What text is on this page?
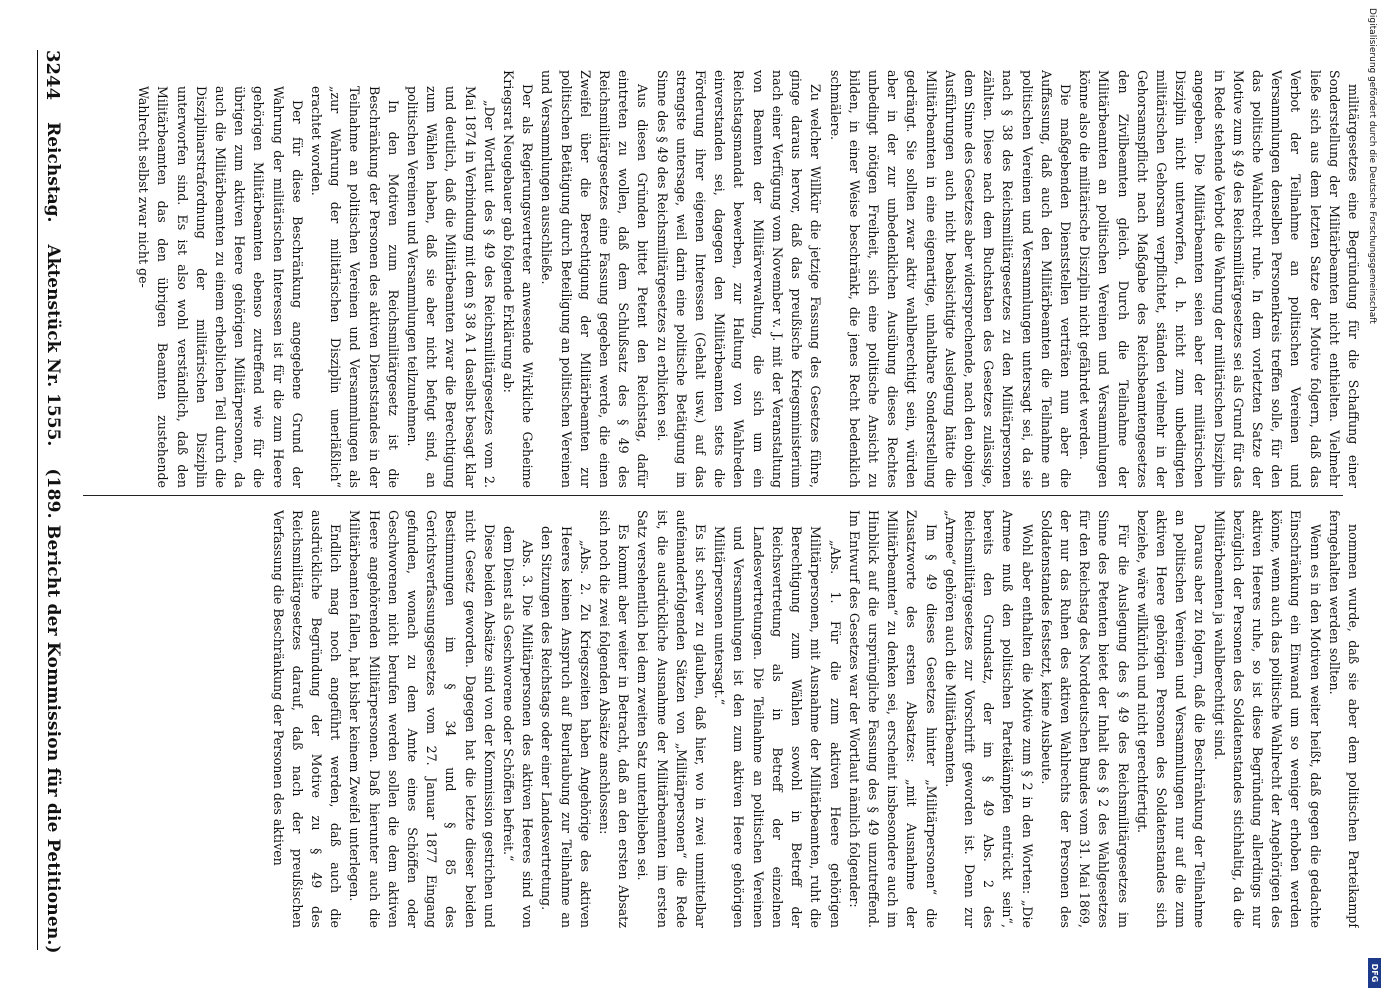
3244
Reichstag.
Aktenstück Nr. 1555.
(189. Bericht der Kommission für die Petitionen.)

militärgesetzes eine Begründung für die Schaffung einer Sonderstellung der Militärbeamten nicht enthielten. Vielmehr ließe sich aus dem letzten Satze der Motive folgern, daß das Verbot der Teilnahme an politischen Vereinen und Versammlungen denselben Personenkreis treffen solle, für den das politische Wahlrecht ruhe. In dem vorletzten Satze der Motive zum § 49 des Reichsmilitärgesetzes sei als Grund für das in Rede stehende Verbot die Wahrung der militärischen Disziplin angegeben. Die Militärbeamten seien aber der militärischen Disziplin nicht unterworfen, d. h. nicht zum unbedingten militärischen Gehorsam verpflichtet, ständen vielmehr in der Gehorsamspflicht nach Maßgabe des Reichsbeamtengesetzes den Zivilbeamten gleich. Durch die Teilnahme der Militärbeamten an politischen Vereinen und Versammlungen könne also die militärische Disziplin nicht gefährdet werden.

Die maßgebenden Dienststellen verträten nun aber die Auffassung, daß auch den Militärbeamten die Teilnahme an politischen Vereinen und Versammlungen untersagt sei, da sie nach § 38 des Reichsmilitärgesetzes zu den Militärpersonen zählten. Diese nach dem Buchstaben des Gesetzes zulässige, dem Sinne des Gesetzes aber widersprechende, nach den obigen Ausführungen auch nicht beabsichtigte Auslegung hätte die Militärbeamten in eine eigenartige, unhaltbare Sonderstellung gedrängt. Sie sollten zwar aktiv wahlberechtigt sein, würden aber in der zur unbedenklichen Ausübung dieses Rechtes unbedingt nötigen Freiheit, sich eine politische Ansicht zu bilden, in einer Weise beschränkt, die jenes Recht bedenklich schmälere.

Zu welcher Willkür die jetzige Fassung des Gesetzes führe, ginge daraus hervor, daß das preußische Kriegsministerium nach einer Verfügung vom November v. J. mit der Veranstaltung von Beamten der Militärverwaltung, die sich um ein Reichstagsmandat bewerben, zur Haltung von Wahlreden einverstanden sei, dagegen den Militärbeamten stets die Förderung ihrer eigenen Interessen (Gehalt usw.) auf das strengste untersage, weil darin eine politische Betätigung im Sinne des § 49 des Reichsmilitärgesetzes zu erblicken sei.

Aus diesen Gründen bittet Petent den Reichstag, dafür eintreten zu wollen, daß dem Schlußsatz des § 49 des Reichsmilitärgesetzes eine Fassung gegeben werde, die einen Zweifel über die Berechtigung der Militärbeamten zur politischen Betätigung durch Beteiligung an politischen Vereinen und Versammlungen ausschließe.

Der als Regierungsvertreter anwesende Wirkliche Geheime Kriegsrat Neugebauer gab folgende Erklärung ab:

„Der Wortlaut des § 49 des Reichsmilitärgesetzes vom 2. Mai 1874 in Verbindung mit dem § 38 A 1 daselbst besagt klar und deutlich, daß die Militärbeamten zwar die Berechtigung zum Wählen haben, daß sie aber nicht befugt sind, an politischen Vereinen und Versammlungen teilzunehmen.

In den Motiven zum Reichsmilitärgesetz ist die Beschränkung der Personen des aktiven Dienststandes in der Teilnahme an politischen Vereinen und Versammlungen als „zur Wahrung der militärischen Disziplin unerläßlich“ erachtet worden.

Der für diese Beschränkung angegebene Grund der Wahrung der militärischen Interessen ist für die zum Heere gehörigen Militärbeamten ebenso zutreffend wie für die übrigen zum aktiven Heere gehörigen Militärpersonen, da auch die Militärbeamten zu einem erheblichen Teil durch die Disziplinarstrafordnung der militärischen Disziplin unterworfen sind. Es ist also wohl verständlich, daß den Militärbeamten das den übrigen Beamten zustehende Wahlrecht selbst zwar nicht ge-

nommen wurde, daß sie aber dem politischen Parteikampf ferngehalten werden sollten.

Wenn es in den Motiven weiter heißt, daß gegen die gedachte Einschränkung ein Einwand um so weniger erhoben werden könne, wenn auch das politische Wahlrecht der Angehörigen des aktiven Heeres ruhe, so ist diese Begründung allerdings nur bezüglich der Personen des Soldatenstandes stichhaltig, da die Militärbeamten ja wahlberechtigt sind.

Daraus aber zu folgern, daß die Beschränkung der Teilnahme an politischen Vereinen und Versammlungen nur auf die zum aktiven Heere gehörigen Personen des Soldatenstandes sich beziehe, wäre willkürlich und nicht gerechtfertigt.

Für die Auslegung des § 49 des Reichsmilitärgesetzes im Sinne des Petenten bietet der Inhalt des § 2 des Wahlgesetzes für den Reichstag des Norddeutschen Bundes vom 31. Mai 1869, der nur das Ruhen des aktiven Wahlrechts der Personen des Soldatenstandes festsetzt, keine Ausbeute.

Wohl aber enthalten die Motive zum § 2 in den Worten: „Die Armee muß den politischen Parteikämpfen entrückt sein“, bereits den Grundsatz, der im § 49 Abs. 2 des Reichsmilitärgesetzes zur Vorschrift geworden ist. Denn zur „Armee“ gehören auch die Militärbeamten.

Im § 49 dieses Gesetzes hinter „Militärpersonen“ die Zusatzworte des ersten Absatzes: „mit Ausnahme der Militärbeamten“ zu denken sei, erscheint insbesondere auch im Hinblick auf die ursprüngliche Fassung des § 49 unzutreffend. Im Entwurf des Gesetzes war der Wortlaut nämlich folgender:

„Abs. 1. Für die zum aktiven Heere gehörigen Militärpersonen, mit Ausnahme der Militärbeamten, ruht die Berechtigung zum Wählen sowohl in Betreff der Reichsvertretung als in Betreff der einzelnen Landesvertretungen. Die Teilnahme an politischen Vereinen und Versammlungen ist den zum aktiven Heere gehörigen Militärpersonen untersagt.“

Es ist schwer zu glauben, daß hier, wo in zwei unmittelbar aufeinanderfolgenden Sätzen von „Militärpersonen“ die Rede ist, die ausdrückliche Ausnahme der Militärbeamten im ersten Satz versehentlich bei dem zweiten Satz unterblieben sei.

Es kommt aber weiter in Betracht, daß an den ersten Absatz sich noch die zwei folgenden Absätze anschlossen:

„Abs. 2. Zu Kriegszeiten haben Angehörige des aktiven Heeres keinen Anspruch auf Beurlaubung zur Teilnahme an den Sitzungen des Reichstags oder einer Landesvertretung.

Abs. 3. Die Militärpersonen des aktiven Heeres sind von dem Dienst als Geschworene oder Schöffen befreit.“

Diese beiden Absätze sind von der Kommission gestrichen und nicht Gesetz geworden. Dagegen hat die letzte dieser beiden Bestimmungen im § 34 und § 85 des Gerichtsverfassungsgesetzes vom 27. Januar 1877 Eingang gefunden, wonach zu dem Amte eines Schöffen oder Geschworenen nicht berufen werden sollen die dem aktiven Heere angehörenden Militärpersonen. Daß hierunter auch die Militärbeamten fallen, hat bisher keinem Zweifel unterlegen.

Endlich mag noch angeführt werden, daß auch die ausdrückliche Begründung der Motive zu § 49 des Reichsmilitärgesetzes darauf, daß nach der preußischen Verfassung die Beschränkung der Personen des aktiven

Digitalisierung gefördert durch die Deutsche Forschungsgemeinschaft
DFG
